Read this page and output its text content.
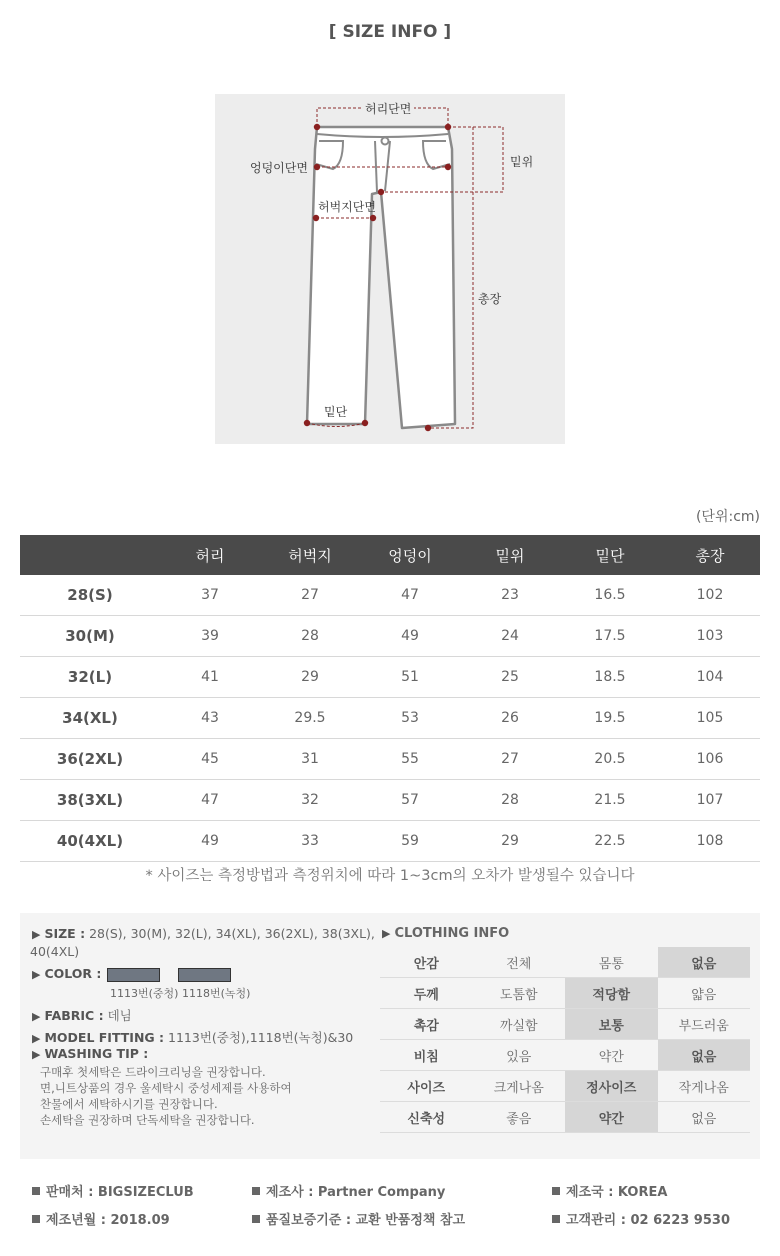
[ SIZE INFO ]
허리단면
엉덩이단면	밑위
허벅지단면
총장
밑단
(단위:cm)
	허리	허벅지	엉덩이	밑위	밑단	총장
28(S)	37	27	47	23	16.5	102
30(M)	39	28	49	24	17.5	103
32(L)	41	29	51	25	18.5	104
34(XL)	43	29.5	53	26	19.5	105
36(2XL)	45	31	55	27	20.5	106
38(3XL)	47	32	57	28	21.5	107
40(4XL)	49	33	59	29	22.5	108
* 사이즈는 측정방법과 측정위치에 따라 1~3cm의 오차가 발생될수 있습니다
▶ SIZE : 28(S), 30(M), 32(L), 34(XL), 36(2XL), 38(3XL),
40(4XL)
▶ COLOR :
1113번(중청) 1118번(녹청)
▶ FABRIC : 데님
▶ MODEL FITTING : 1113번(중청),1118번(녹청)&30
▶ WASHING TIP :
구매후 첫세탁은 드라이크리닝을 권장합니다.
면,니트상품의 경우 울세탁시 중성세제를 사용하여
찬물에서 세탁하시기를 권장합니다.
손세탁을 권장하며 단독세탁을 권장합니다.
▶ CLOTHING INFO
안감	전체	몸통	없음
두께	도톰함	적당함	얇음
촉감	까실함	보통	부드러움
비침	있음	약간	없음
사이즈	크게나옴	정사이즈	작게나옴
신축성	좋음	약간	없음
판매처 : BIGSIZECLUB	제조사 : Partner Company	제조국 : KOREA
제조년월 : 2018.09	품질보증기준 : 교환 반품정책 참고	고객관리 : 02 6223 9530
